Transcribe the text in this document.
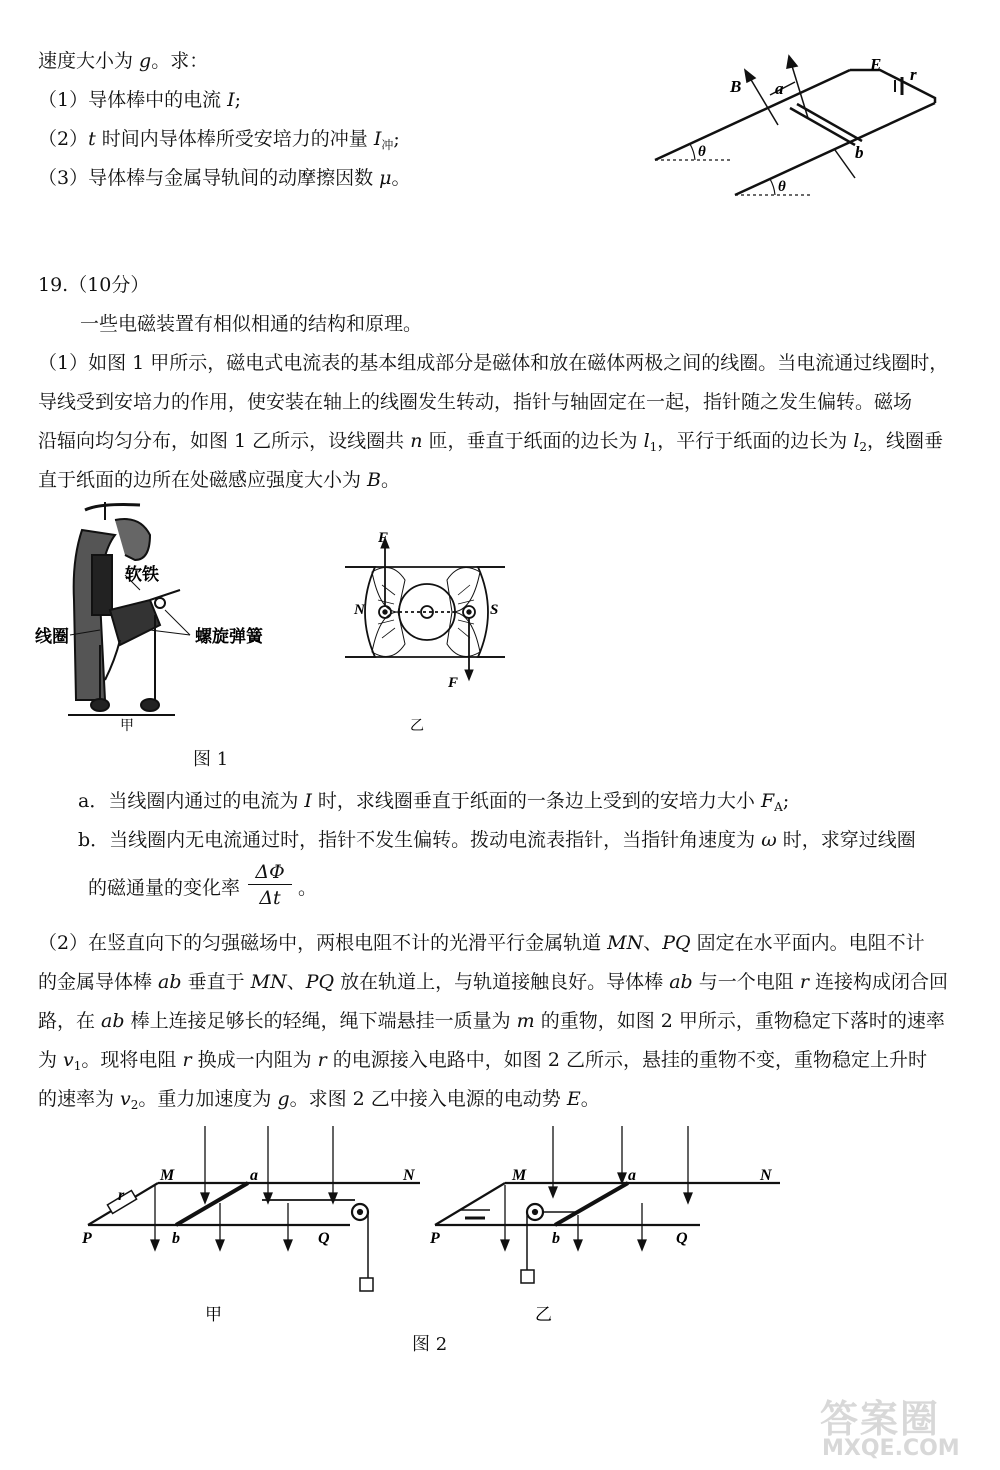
速度大小为 g。求：
（1）导体棒中的电流 I;
（2）t 时间内导体棒所受安培力的冲量 $I_冲$;
（3）导体棒与金属导轨间的动摩擦因数 μ。
B a
b
E
r
θ
θ
19.（10分）
一些电磁装置有相似相通的结构和原理。
（1）如图 1 甲所示，磁电式电流表的基本组成部分是磁体和放在磁体两极之间的线圈。当电流通过线圈时，
导线受到安培力的作用，使安装在轴上的线圈发生转动，指针与轴固定在一起，指针随之发生偏转。磁场
沿辐向均匀分布，如图 1 乙所示，设线圈共 n 匝，垂直于纸面的边长为 $l_1$，平行于纸面的边长为 $l_2$，线圈垂
直于纸面的边所在处磁感应强度大小为 B。
软铁
线圈	螺旋弹簧
甲
F
F
N	S
乙
图 1
a．当线圈内通过的电流为 I 时，求线圈垂直于纸面的一条边上受到的安培力大小 $F_A$;
b．当线圈内无电流通过时，指针不发生偏转。拨动电流表指针，当指针角速度为 ω 时，求穿过线圈
的磁通量的变化率 $\frac{\Delta\Phi}{\Delta t}$ 。
（2）在竖直向下的匀强磁场中，两根电阻不计的光滑平行金属轨道 MN、PQ 固定在水平面内。电阻不计
的金属导体棒 ab 垂直于 MN、PQ 放在轨道上，与轨道接触良好。导体棒 ab 与一个电阻 r 连接构成闭合回
路，在 ab 棒上连接足够长的轻绳，绳下端悬挂一质量为 m 的重物，如图 2 甲所示，重物稳定下落时的速率
为 $v_1$。现将电阻 r 换成一内阻为 r 的电源接入电路中，如图 2 乙所示，悬挂的重物不变，重物稳定上升时
的速率为 $v_2$。重力加速度为 g。求图 2 乙中接入电源的电动势 E。
M	N
P	Q
a
b
r
甲
M	N
P	Q
a
b
乙
图 2
答案圈
MXQE.COM
